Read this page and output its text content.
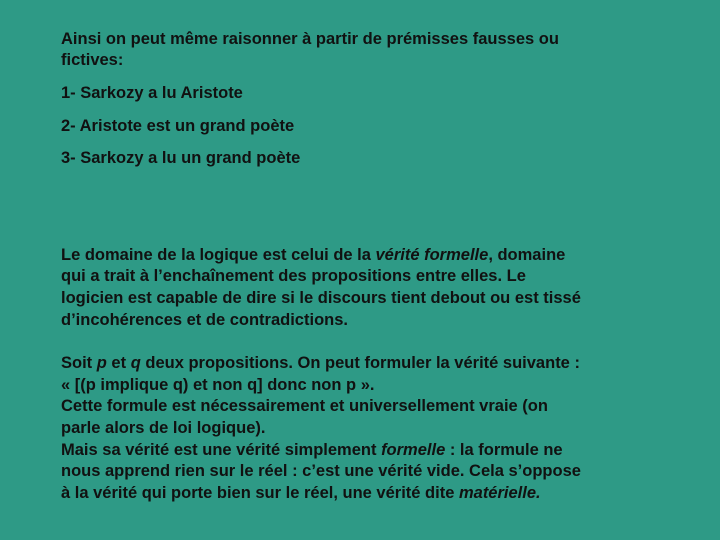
Ainsi on peut même raisonner à partir de prémisses fausses ou
fictives:
1- Sarkozy a lu Aristote
2- Aristote est un grand poète
3- Sarkozy a lu un grand poète
Le domaine de la logique est celui de la vérité formelle, domaine
qui a trait à l’enchaînement des propositions entre elles. Le
logicien est capable de dire si le discours tient debout ou est tissé
d’incohérences et de contradictions.
Soit p et q deux propositions. On peut formuler la vérité suivante :
« [(p implique q) et non q] donc non p ».
Cette formule est nécessairement et universellement vraie (on
parle alors de loi logique).
Mais sa vérité est une vérité simplement formelle : la formule ne
nous apprend rien sur le réel : c’est une vérité vide. Cela s’oppose
à la vérité qui porte bien sur le réel, une vérité dite matérielle.
